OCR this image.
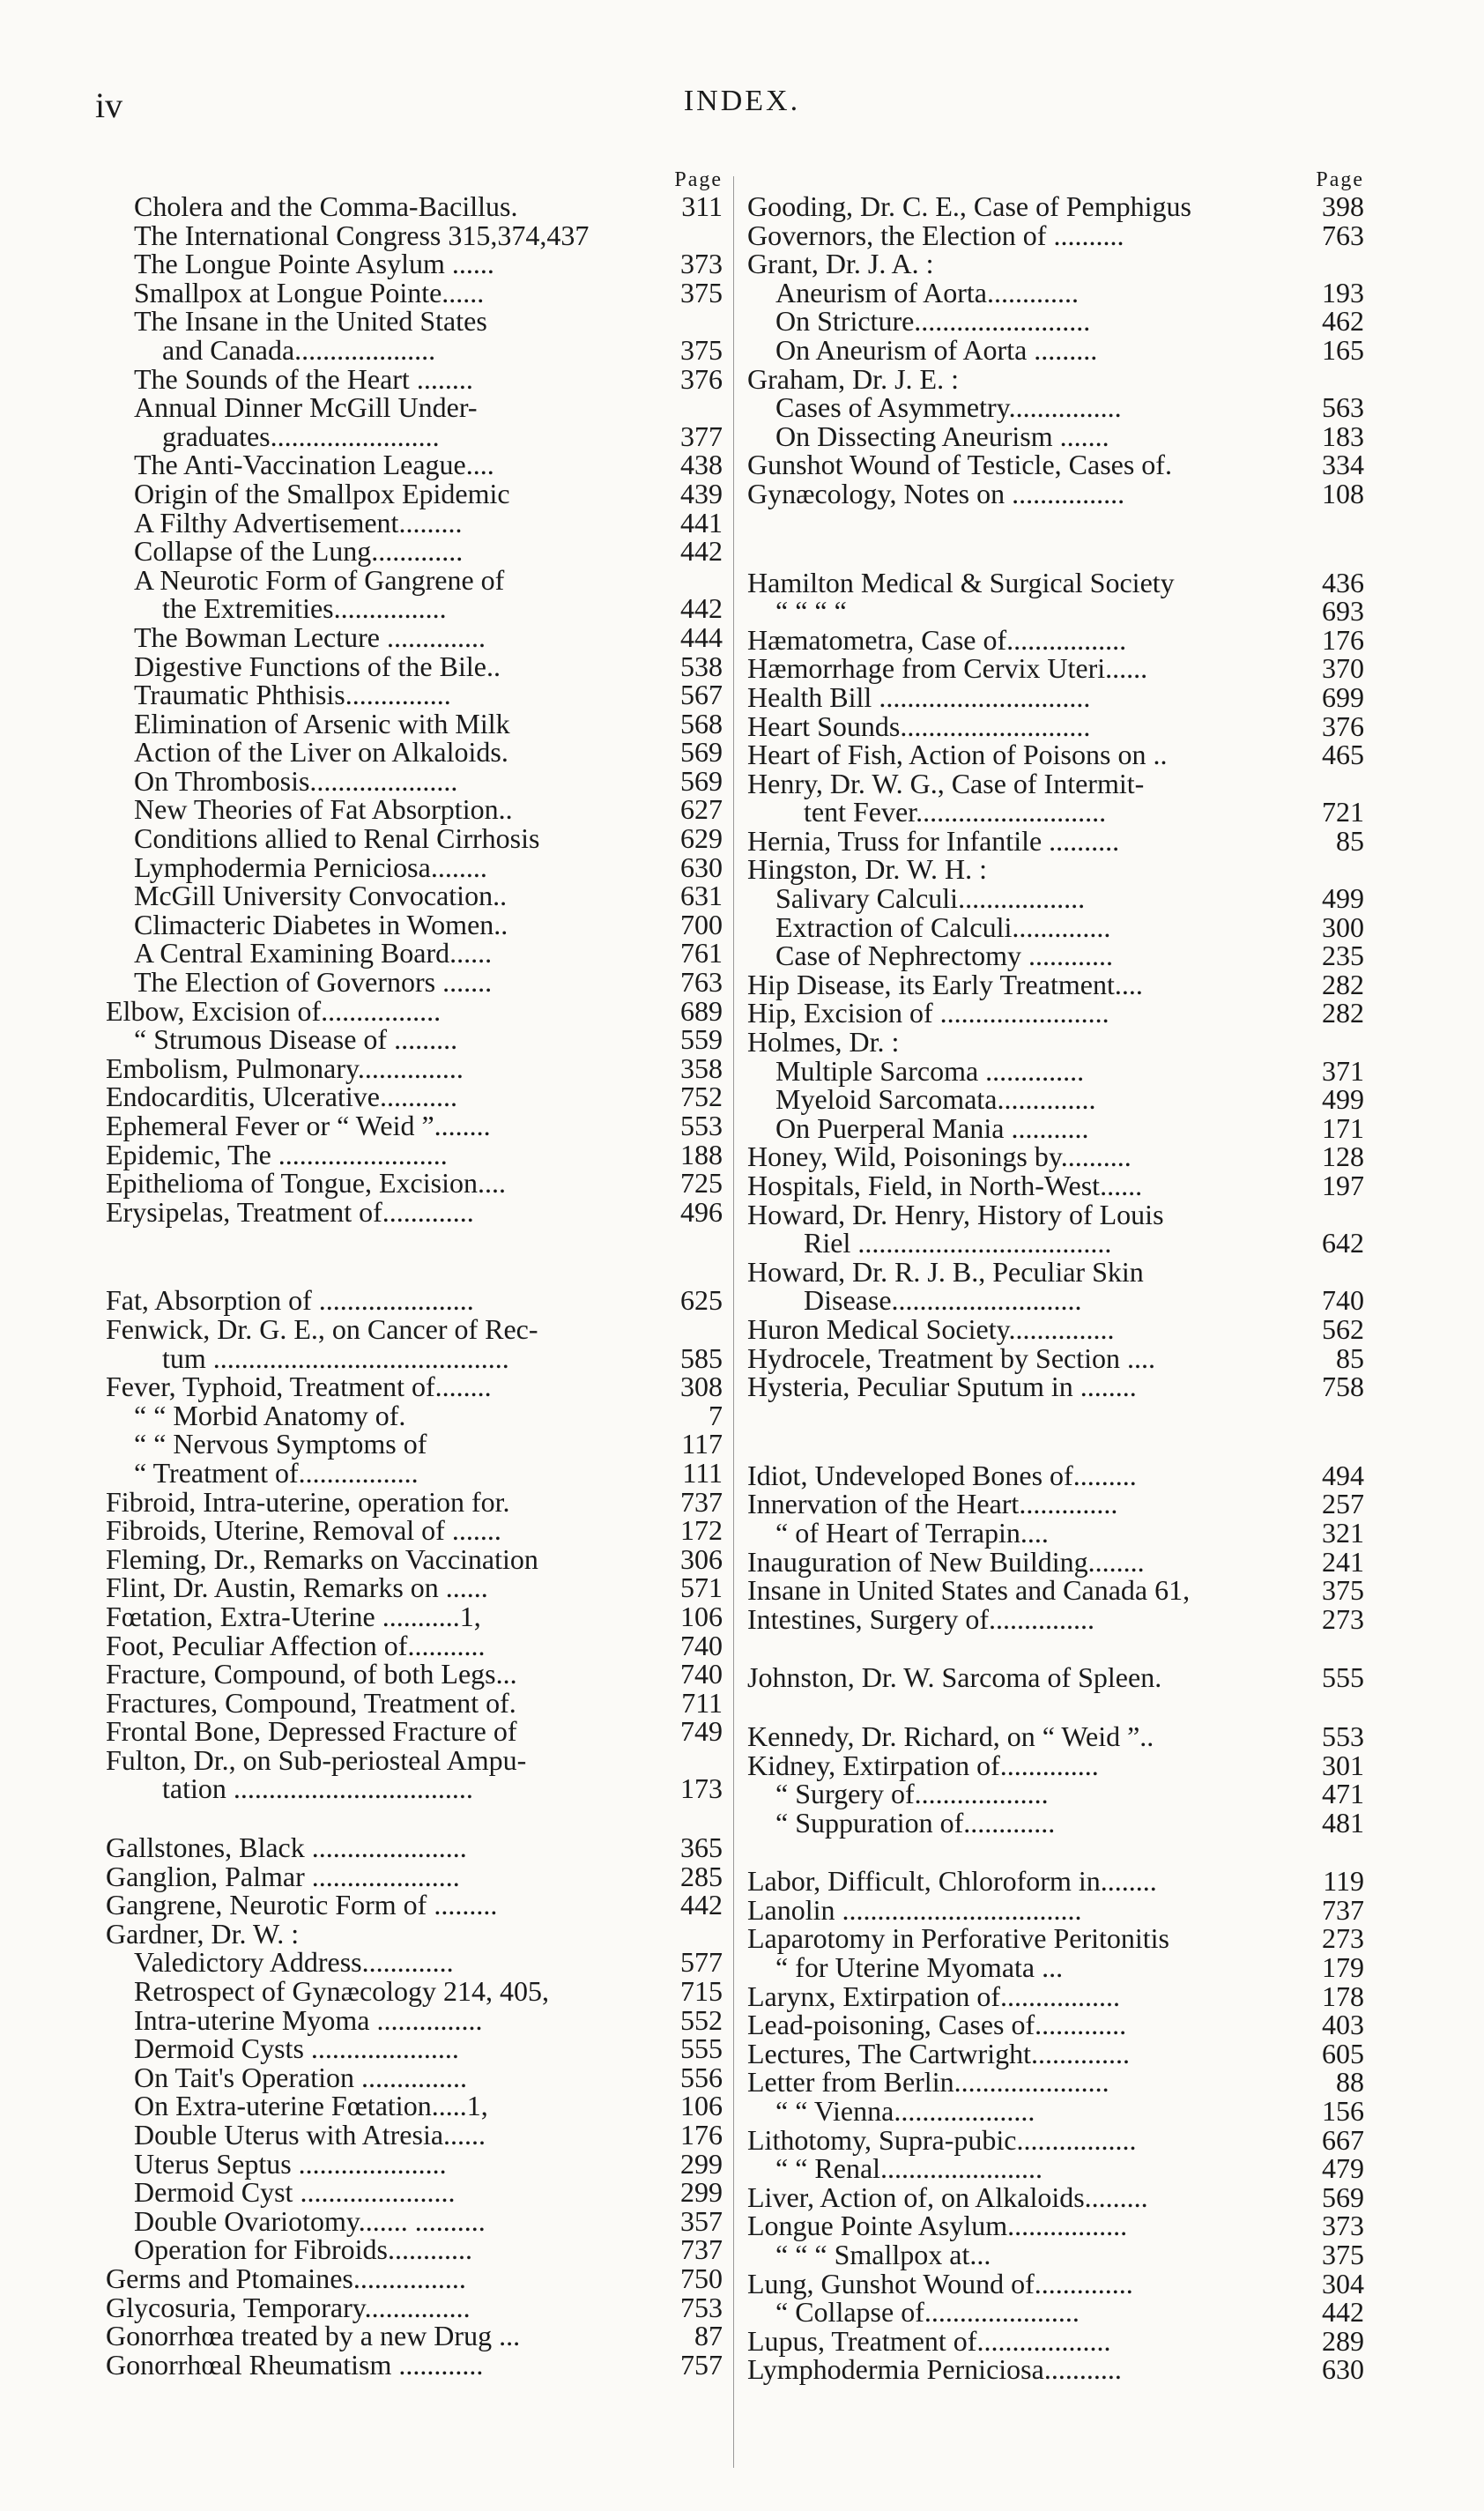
iv	INDEX.
Page
Cholera and the Comma-Bacillus.	311
The International Congress 315,374,437
The Longue Pointe Asylum ......	373
Smallpox at Longue Pointe......	375
The Insane in the United States
and Canada....................	375
The Sounds of the Heart ........	376
Annual Dinner McGill Under-
graduates........................	377
The Anti-Vaccination League....	438
Origin of the Smallpox Epidemic	439
A Filthy Advertisement.........	441
Collapse of the Lung.............	442
A Neurotic Form of Gangrene of
the Extremities................	442
The Bowman Lecture ..............	444
Digestive Functions of the Bile..	538
Traumatic Phthisis...............	567
Elimination of Arsenic with Milk	568
Action of the Liver on Alkaloids.	569
On Thrombosis.....................	569
New Theories of Fat Absorption..	627
Conditions allied to Renal Cirrhosis	629
Lymphodermia Perniciosa........	630
McGill University Convocation..	631
Climacteric Diabetes in Women..	700
A Central Examining Board......	761
The Election of Governors .......	763
Elbow, Excision of.................	689
“ Strumous Disease of .........	559
Embolism, Pulmonary...............	358
Endocarditis, Ulcerative...........	752
Ephemeral Fever or “ Weid ”........	553
Epidemic, The ........................	188
Epithelioma of Tongue, Excision....	725
Erysipelas, Treatment of.............	496
Fat, Absorption of ......................	625
Fenwick, Dr. G. E., on Cancer of Rec-
tum ..........................................	585
Fever, Typhoid, Treatment of........	308
“ “ Morbid Anatomy of.	7
“ “ Nervous Symptoms of	117
“ Treatment of.................	111
Fibroid, Intra-uterine, operation for.	737
Fibroids, Uterine, Removal of .......	172
Fleming, Dr., Remarks on Vaccination	306
Flint, Dr. Austin, Remarks on ......	571
Fœtation, Extra-Uterine ...........1,	106
Foot, Peculiar Affection of...........	740
Fracture, Compound, of both Legs...	740
Fractures, Compound, Treatment of.	711
Frontal Bone, Depressed Fracture of	749
Fulton, Dr., on Sub-periosteal Ampu-
tation ..................................	173
Gallstones, Black ......................	365
Ganglion, Palmar .....................	285
Gangrene, Neurotic Form of .........	442
Gardner, Dr. W. :
Valedictory Address.............	577
Retrospect of Gynæcology 214, 405,	715
Intra-uterine Myoma ...............	552
Dermoid Cysts .....................	555
On Tait's Operation ...............	556
On Extra-uterine Fœtation.....1,	106
Double Uterus with Atresia......	176
Uterus Septus .....................	299
Dermoid Cyst ......................	299
Double Ovariotomy....... ..........	357
Operation for Fibroids............	737
Germs and Ptomaines................	750
Glycosuria, Temporary...............	753
Gonorrhœa treated by a new Drug ...	87
Gonorrhœal Rheumatism ............	757
Page
Gooding, Dr. C. E., Case of Pemphigus	398
Governors, the Election of ..........	763
Grant, Dr. J. A. :
Aneurism of Aorta.............	193
On Stricture.........................	462
On Aneurism of Aorta .........	165
Graham, Dr. J. E. :
Cases of Asymmetry................	563
On Dissecting Aneurism .......	183
Gunshot Wound of Testicle, Cases of.	334
Gynæcology, Notes on ................	108
Hamilton Medical & Surgical Society	436
“ “ “ “	693
Hæmatometra, Case of.................	176
Hæmorrhage from Cervix Uteri......	370
Health Bill ..............................	699
Heart Sounds...........................	376
Heart of Fish, Action of Poisons on ..	465
Henry, Dr. W. G., Case of Intermit-
tent Fever...........................	721
Hernia, Truss for Infantile ..........	85
Hingston, Dr. W. H. :
Salivary Calculi..................	499
Extraction of Calculi..............	300
Case of Nephrectomy ............	235
Hip Disease, its Early Treatment....	282
Hip, Excision of ........................	282
Holmes, Dr. :
Multiple Sarcoma ..............	371
Myeloid Sarcomata..............	499
On Puerperal Mania ...........	171
Honey, Wild, Poisonings by..........	128
Hospitals, Field, in North-West......	197
Howard, Dr. Henry, History of Louis
Riel ....................................	642
Howard, Dr. R. J. B., Peculiar Skin
Disease...........................	740
Huron Medical Society...............	562
Hydrocele, Treatment by Section ....	85
Hysteria, Peculiar Sputum in ........	758
Idiot, Undeveloped Bones of.........	494
Innervation of the Heart..............	257
“ of Heart of Terrapin....	321
Inauguration of New Building........	241
Insane in United States and Canada 61,	375
Intestines, Surgery of...............	273
Johnston, Dr. W. Sarcoma of Spleen.	555
Kennedy, Dr. Richard, on “ Weid ”..	553
Kidney, Extirpation of..............	301
“ Surgery of...................	471
“ Suppuration of.............	481
Labor, Difficult, Chloroform in........	119
Lanolin ..................................	737
Laparotomy in Perforative Peritonitis	273
“ for Uterine Myomata ...	179
Larynx, Extirpation of.................	178
Lead-poisoning, Cases of.............	403
Lectures, The Cartwright..............	605
Letter from Berlin......................	88
“ “ Vienna....................	156
Lithotomy, Supra-pubic.................	667
“ “ Renal.......................	479
Liver, Action of, on Alkaloids.........	569
Longue Pointe Asylum.................	373
“ “ “ Smallpox at...	375
Lung, Gunshot Wound of..............	304
“ Collapse of......................	442
Lupus, Treatment of...................	289
Lymphodermia Perniciosa...........	630
